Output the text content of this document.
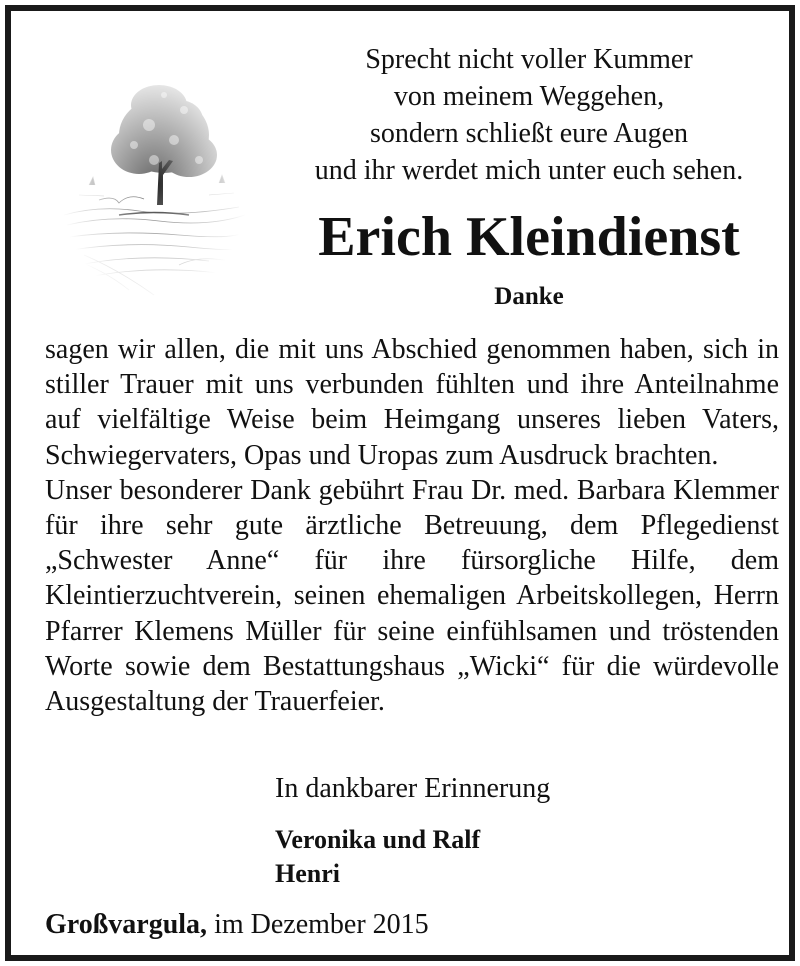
Sprecht nicht voller Kummer
von meinem Weggehen,
sondern schließt eure Augen
und ihr werdet mich unter euch sehen.
Erich Kleindienst
Danke
sagen wir allen, die mit uns Abschied genommen haben, sich in stiller Trauer mit uns verbunden fühlten und ihre Anteilnahme auf vielfältige Weise beim Heimgang unseres lieben Vaters, Schwiegervaters, Opas und Uropas zum Ausdruck brachten.
Unser besonderer Dank gebührt Frau Dr. med. Barbara Klemmer für ihre sehr gute ärztliche Betreuung, dem Pflegedienst „Schwester Anne“ für ihre fürsorgliche Hilfe, dem Kleintierzuchtverein, seinen ehemaligen Arbeitskollegen, Herrn Pfarrer Klemens Müller für seine einfühlsamen und tröstenden Worte sowie dem Bestattungshaus „Wicki“ für die würdevolle Ausgestaltung der Trauerfeier.
In dankbarer Erinnerung
Veronika und Ralf
Henri
Großvargula, im Dezember 2015
